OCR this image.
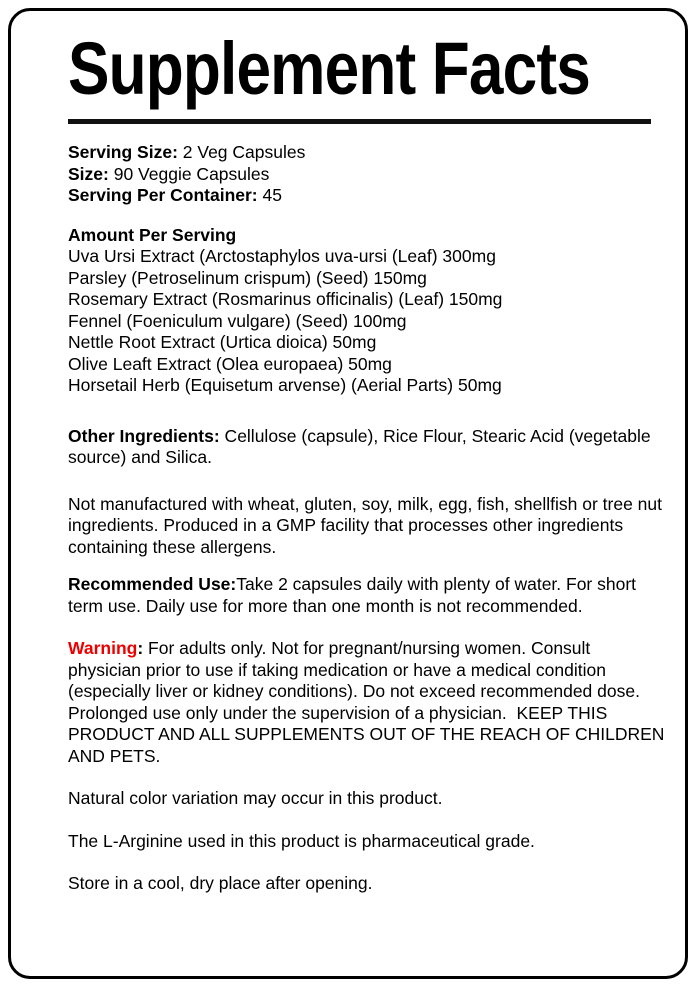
Supplement Facts

Serving Size: 2 Veg Capsules

Size: 90 Veggie Capsules

Serving Per Container: 45

Amount Per Serving

Uva Ursi Extract (Arctostaphylos uva-ursi (Leaf) 300mg

Parsley (Petroselinum crispum) (Seed) 150mg

Rosemary Extract (Rosmarinus officinalis) (Leaf) 150mg

Fennel (Foeniculum vulgare) (Seed) 100mg

Nettle Root Extract (Urtica dioica) 50mg

Olive Leaft Extract (Olea europaea) 50mg

Horsetail Herb (Equisetum arvense) (Aerial Parts) 50mg

Other Ingredients: Cellulose (capsule), Rice Flour, Stearic Acid (vegetable source) and Silica.

Not manufactured with wheat, gluten, soy, milk, egg, fish, shellfish or tree nut ingredients. Produced in a GMP facility that processes other ingredients containing these allergens.

Recommended Use:Take 2 capsules daily with plenty of water. For short term use. Daily use for more than one month is not recommended.

Warning: For adults only. Not for pregnant/nursing women. Consult physician prior to use if taking medication or have a medical condition (especially liver or kidney conditions). Do not exceed recommended dose. Prolonged use only under the supervision of a physician.  KEEP THIS PRODUCT AND ALL SUPPLEMENTS OUT OF THE REACH OF CHILDREN AND PETS.

Natural color variation may occur in this product.

The L-Arginine used in this product is pharmaceutical grade.

Store in a cool, dry place after opening.
